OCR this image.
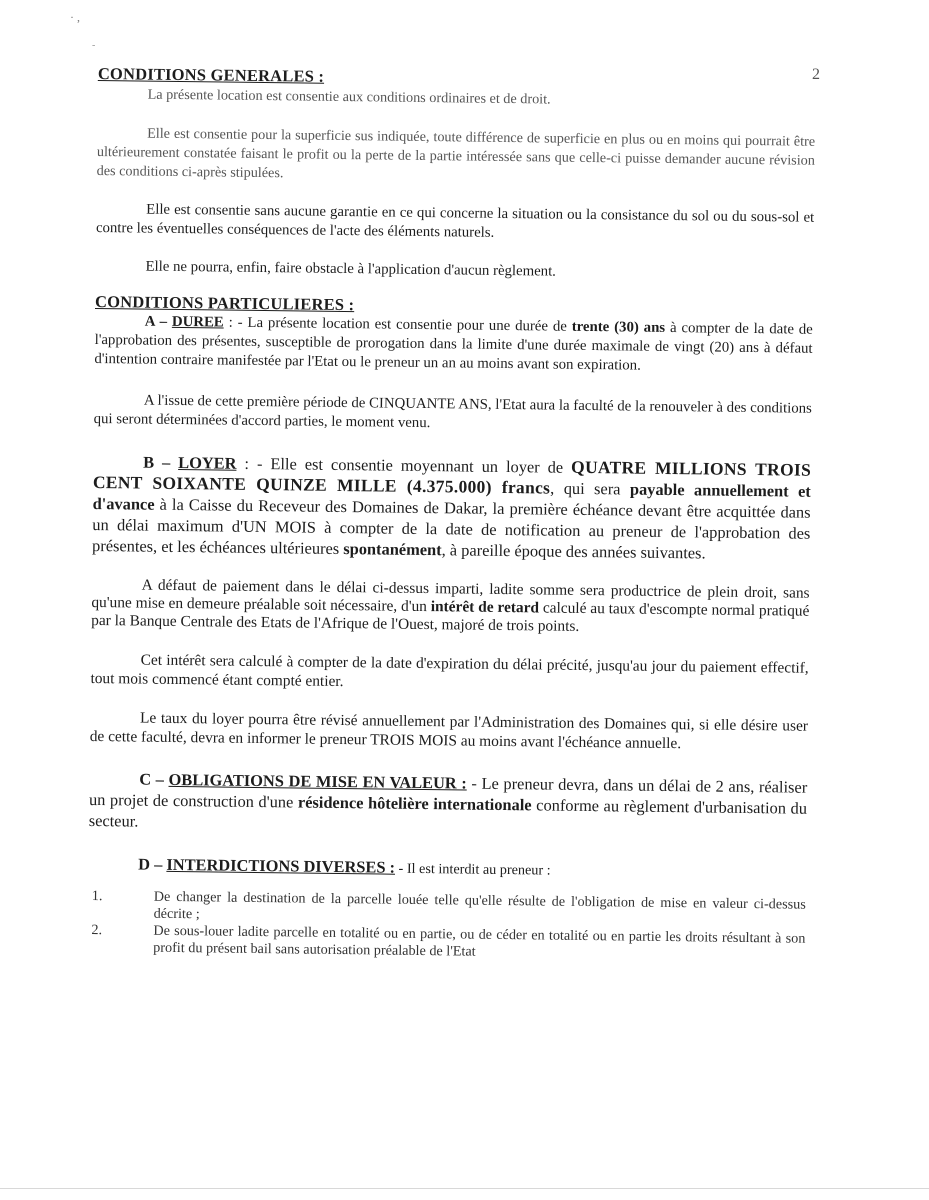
· ,
-
2
CONDITIONS GENERALES :

La présente location est consentie aux conditions ordinaires et de droit.

Elle est consentie pour la superficie sus indiquée, toute différence de superficie en plus ou en moins qui pourrait être ultérieurement constatée faisant le profit ou la perte de la partie intéressée sans que celle-ci puisse demander aucune révision des conditions ci-après stipulées.

Elle est consentie sans aucune garantie en ce qui concerne la situation ou la consistance du sol ou du sous-sol et contre les éventuelles conséquences de l'acte des éléments naturels.

Elle ne pourra, enfin, faire obstacle à l'application d'aucun règlement.

CONDITIONS PARTICULIERES :

A – DUREE : - La présente location est consentie pour une durée de trente (30) ans à compter de la date de l'approbation des présentes, susceptible de prorogation dans la limite d'une durée maximale de vingt (20) ans à défaut d'intention contraire manifestée par l'Etat ou le preneur un an au moins avant son expiration.

A l'issue de cette première période de CINQUANTE ANS, l'Etat aura la faculté de la renouveler à des conditions qui seront déterminées d'accord parties, le moment venu.

B – LOYER : - Elle est consentie moyennant un loyer de QUATRE MILLIONS TROIS CENT SOIXANTE QUINZE MILLE (4.375.000) francs, qui sera payable annuellement et d'avance à la Caisse du Receveur des Domaines de Dakar, la première échéance devant être acquittée dans un délai maximum d'UN MOIS à compter de la date de notification au preneur de l'approbation des présentes, et les échéances ultérieures spontanément, à pareille époque des années suivantes.

A défaut de paiement dans le délai ci-dessus imparti, ladite somme sera productrice de plein droit, sans qu'une mise en demeure préalable soit nécessaire, d'un intérêt de retard calculé au taux d'escompte normal pratiqué par la Banque Centrale des Etats de l'Afrique de l'Ouest, majoré de trois points.

Cet intérêt sera calculé à compter de la date d'expiration du délai précité, jusqu'au jour du paiement effectif, tout mois commencé étant compté entier.

Le taux du loyer pourra être révisé annuellement par l'Administration des Domaines qui, si elle désire user de cette faculté, devra en informer le preneur TROIS MOIS au moins avant l'échéance annuelle.

C – OBLIGATIONS DE MISE EN VALEUR : - Le preneur devra, dans un délai de 2 ans, réaliser un projet de construction d'une résidence hôtelière internationale conforme au règlement d'urbanisation du secteur.

D – INTERDICTIONS DIVERSES : - Il est interdit au preneur :

1.	De changer la destination de la parcelle louée telle qu'elle résulte de l'obligation de mise en valeur ci-dessus décrite ;
2.	De sous-louer ladite parcelle en totalité ou en partie, ou de céder en totalité ou en partie les droits résultant à son profit du présent bail sans autorisation préalable de l'Etat
